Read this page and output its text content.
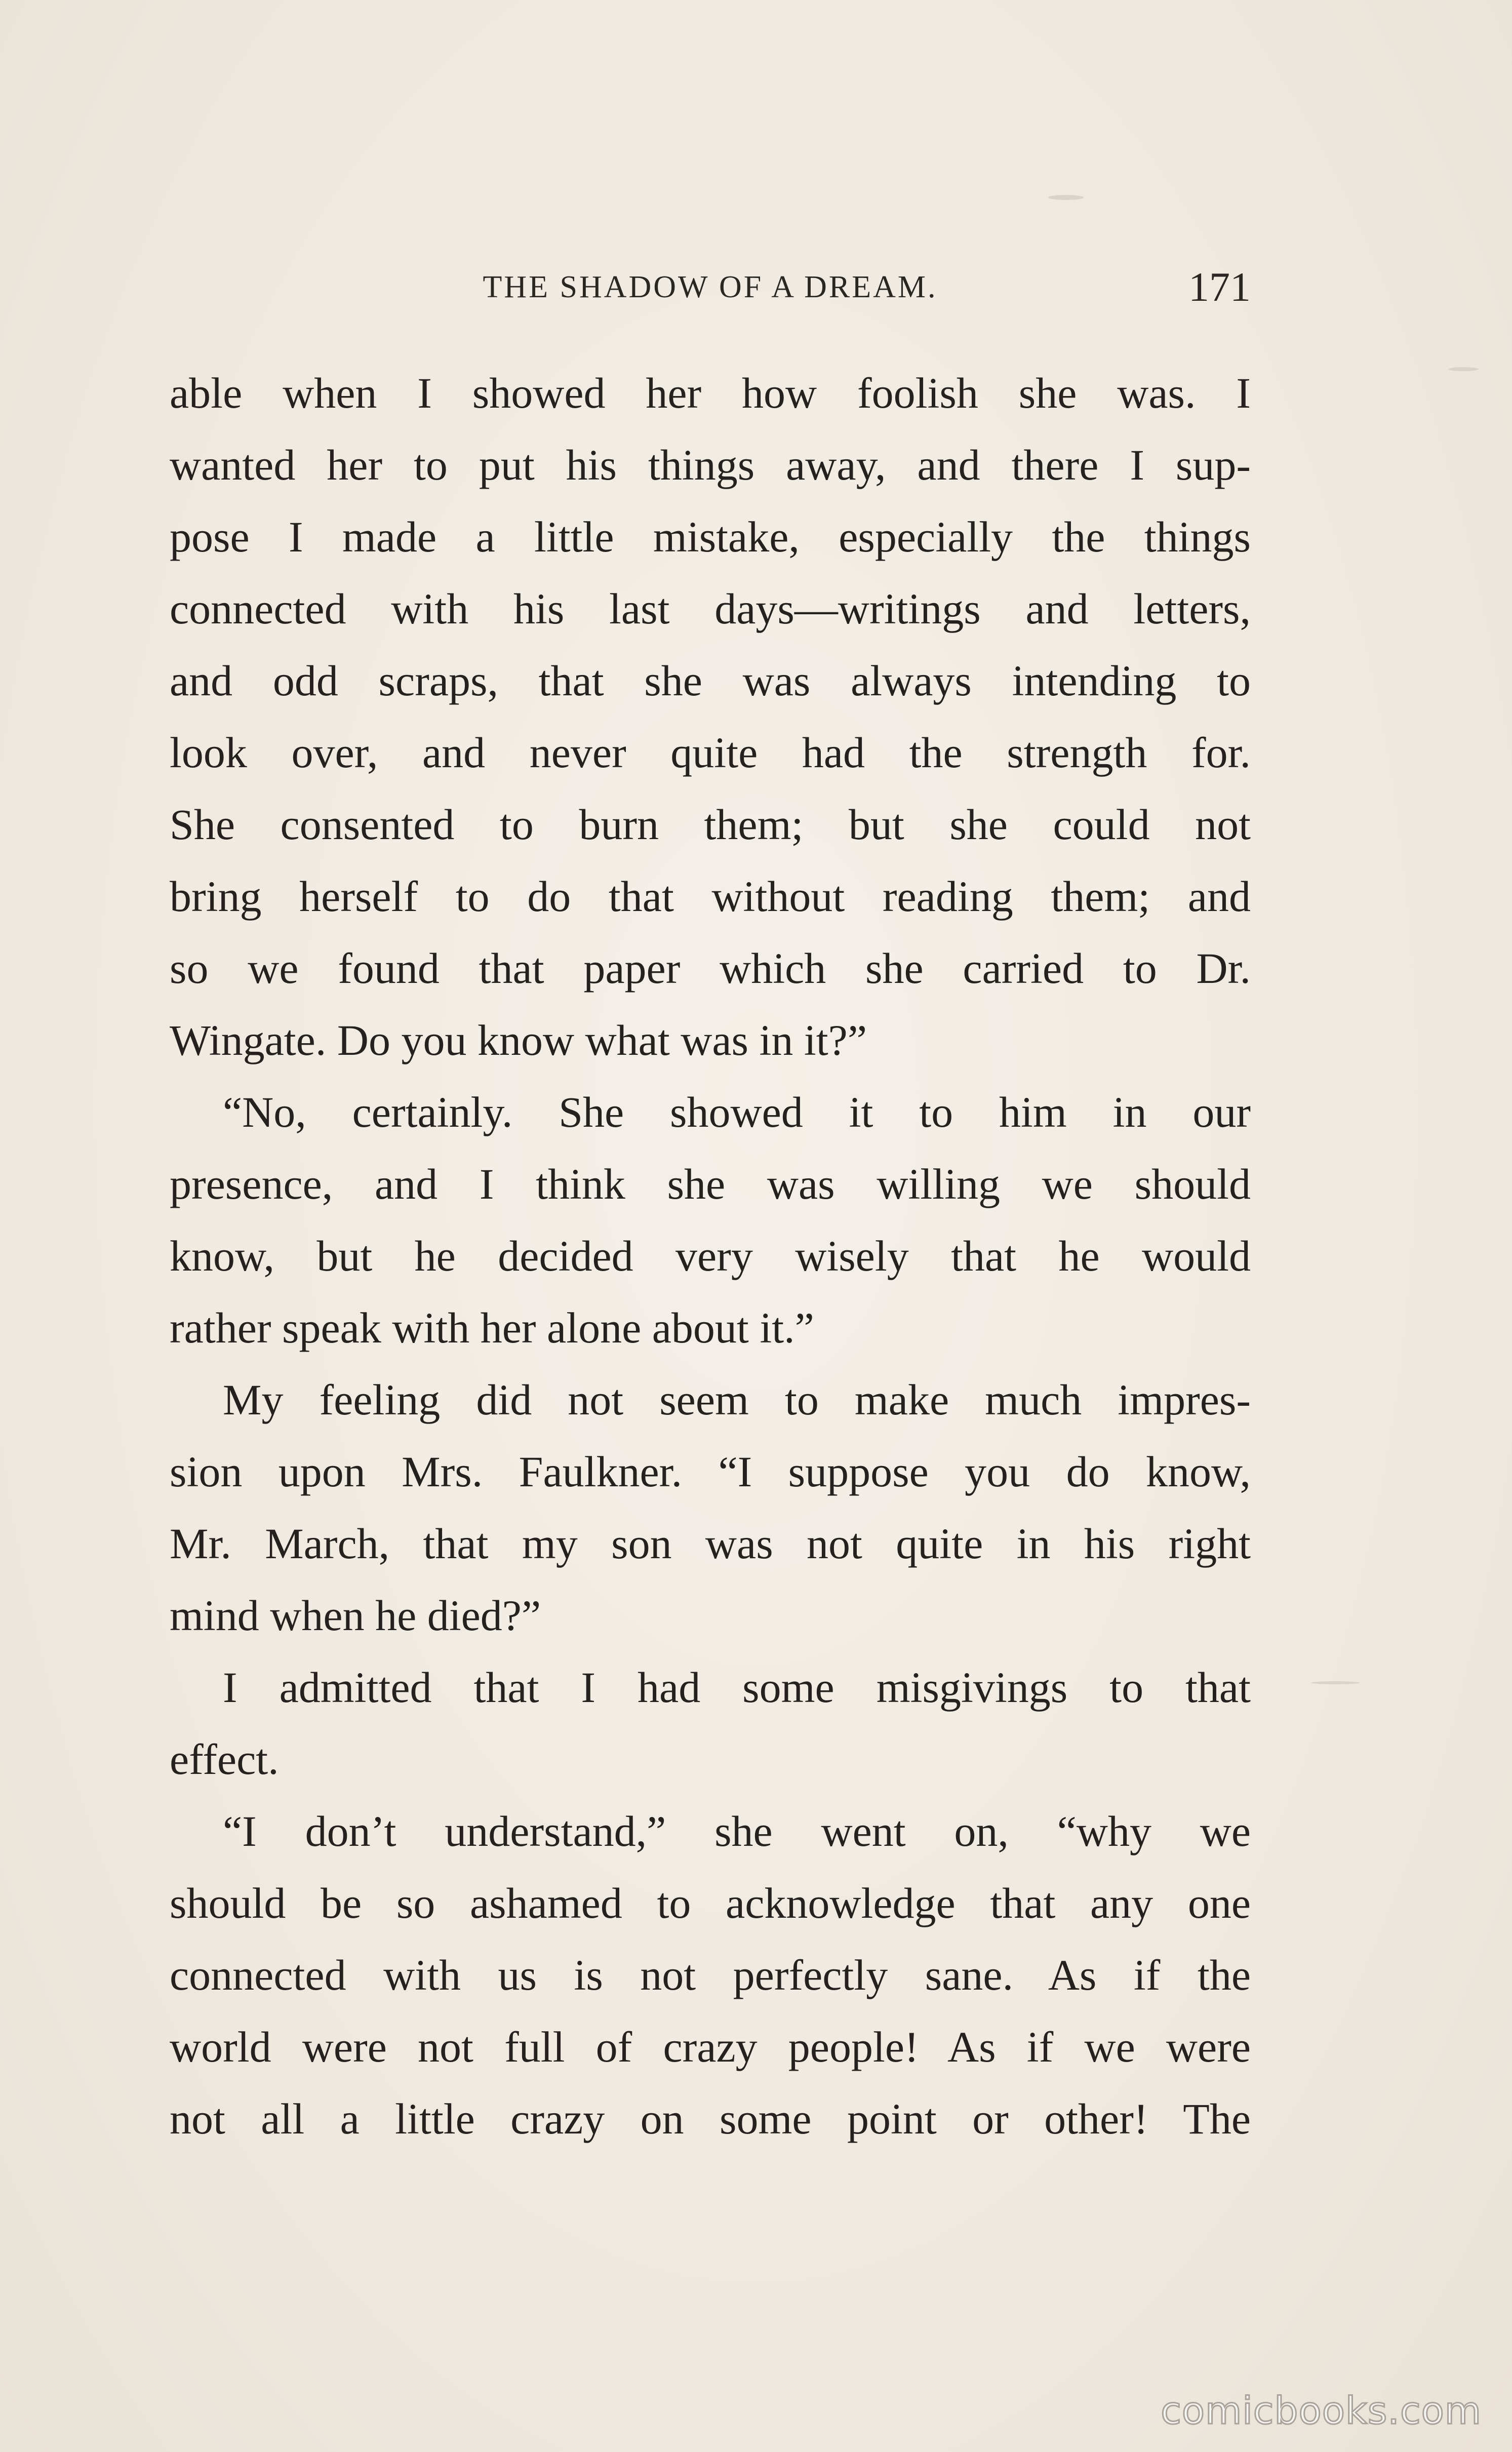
THE SHADOW OF A DREAM.	171
able when I showed her how foolish she was. I
wanted her to put his things away, and there I sup-
pose I made a little mistake, especially the things
connected with his last days—writings and letters,
and odd scraps, that she was always intending to
look over, and never quite had the strength for.
She consented to burn them; but she could not
bring herself to do that without reading them; and
so we found that paper which she carried to Dr.
Wingate. Do you know what was in it?”
“No, certainly. She showed it to him in our
presence, and I think she was willing we should
know, but he decided very wisely that he would
rather speak with her alone about it.”
My feeling did not seem to make much impres-
sion upon Mrs. Faulkner. “I suppose you do know,
Mr. March, that my son was not quite in his right
mind when he died?”
I admitted that I had some misgivings to that
effect.
“I don’t understand,” she went on, “why we
should be so ashamed to acknowledge that any one
connected with us is not perfectly sane. As if the
world were not full of crazy people! As if we were
not all a little crazy on some point or other! The
comicbooks.com
